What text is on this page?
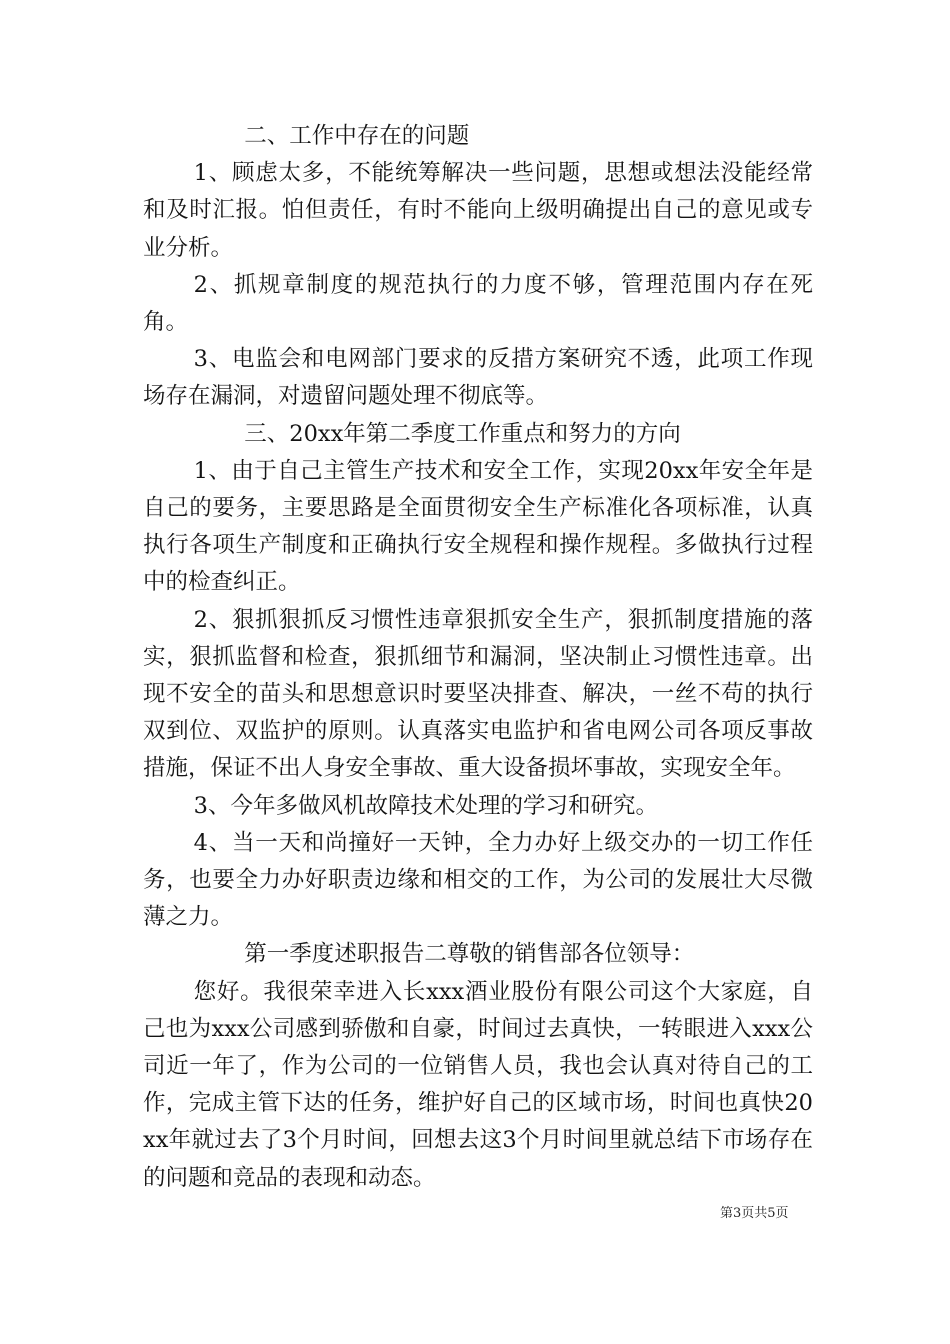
二、工作中存在的问题

1、顾虑太多，不能统筹解决一些问题，思想或想法没能经常和及时汇报。怕但责任，有时不能向上级明确提出自己的意见或专业分析。

2、抓规章制度的规范执行的力度不够，管理范围内存在死角。

3、电监会和电网部门要求的反措方案研究不透，此项工作现场存在漏洞，对遗留问题处理不彻底等。

三、20xx年第二季度工作重点和努力的方向

1、由于自己主管生产技术和安全工作，实现20xx年安全年是自己的要务，主要思路是全面贯彻安全生产标准化各项标准，认真执行各项生产制度和正确执行安全规程和操作规程。多做执行过程中的检查纠正。

2、狠抓狠抓反习惯性违章狠抓安全生产，狠抓制度措施的落实，狠抓监督和检查，狠抓细节和漏洞，坚决制止习惯性违章。出现不安全的苗头和思想意识时要坚决排查、解决，一丝不苟的执行双到位、双监护的原则。认真落实电监护和省电网公司各项反事故措施，保证不出人身安全事故、重大设备损坏事故，实现安全年。

3、今年多做风机故障技术处理的学习和研究。

4、当一天和尚撞好一天钟，全力办好上级交办的一切工作任务，也要全力办好职责边缘和相交的工作，为公司的发展壮大尽微薄之力。

第一季度述职报告二尊敬的销售部各位领导：

您好。我很荣幸进入长xxx酒业股份有限公司这个大家庭，自己也为xxx公司感到骄傲和自豪，时间过去真快，一转眼进入xxx公司近一年了，作为公司的一位销售人员，我也会认真对待自己的工作，完成主管下达的任务，维护好自己的区域市场，时间也真快20xx年就过去了3个月时间，回想去这3个月时间里就总结下市场存在的问题和竞品的表现和动态。

第3页共5页
